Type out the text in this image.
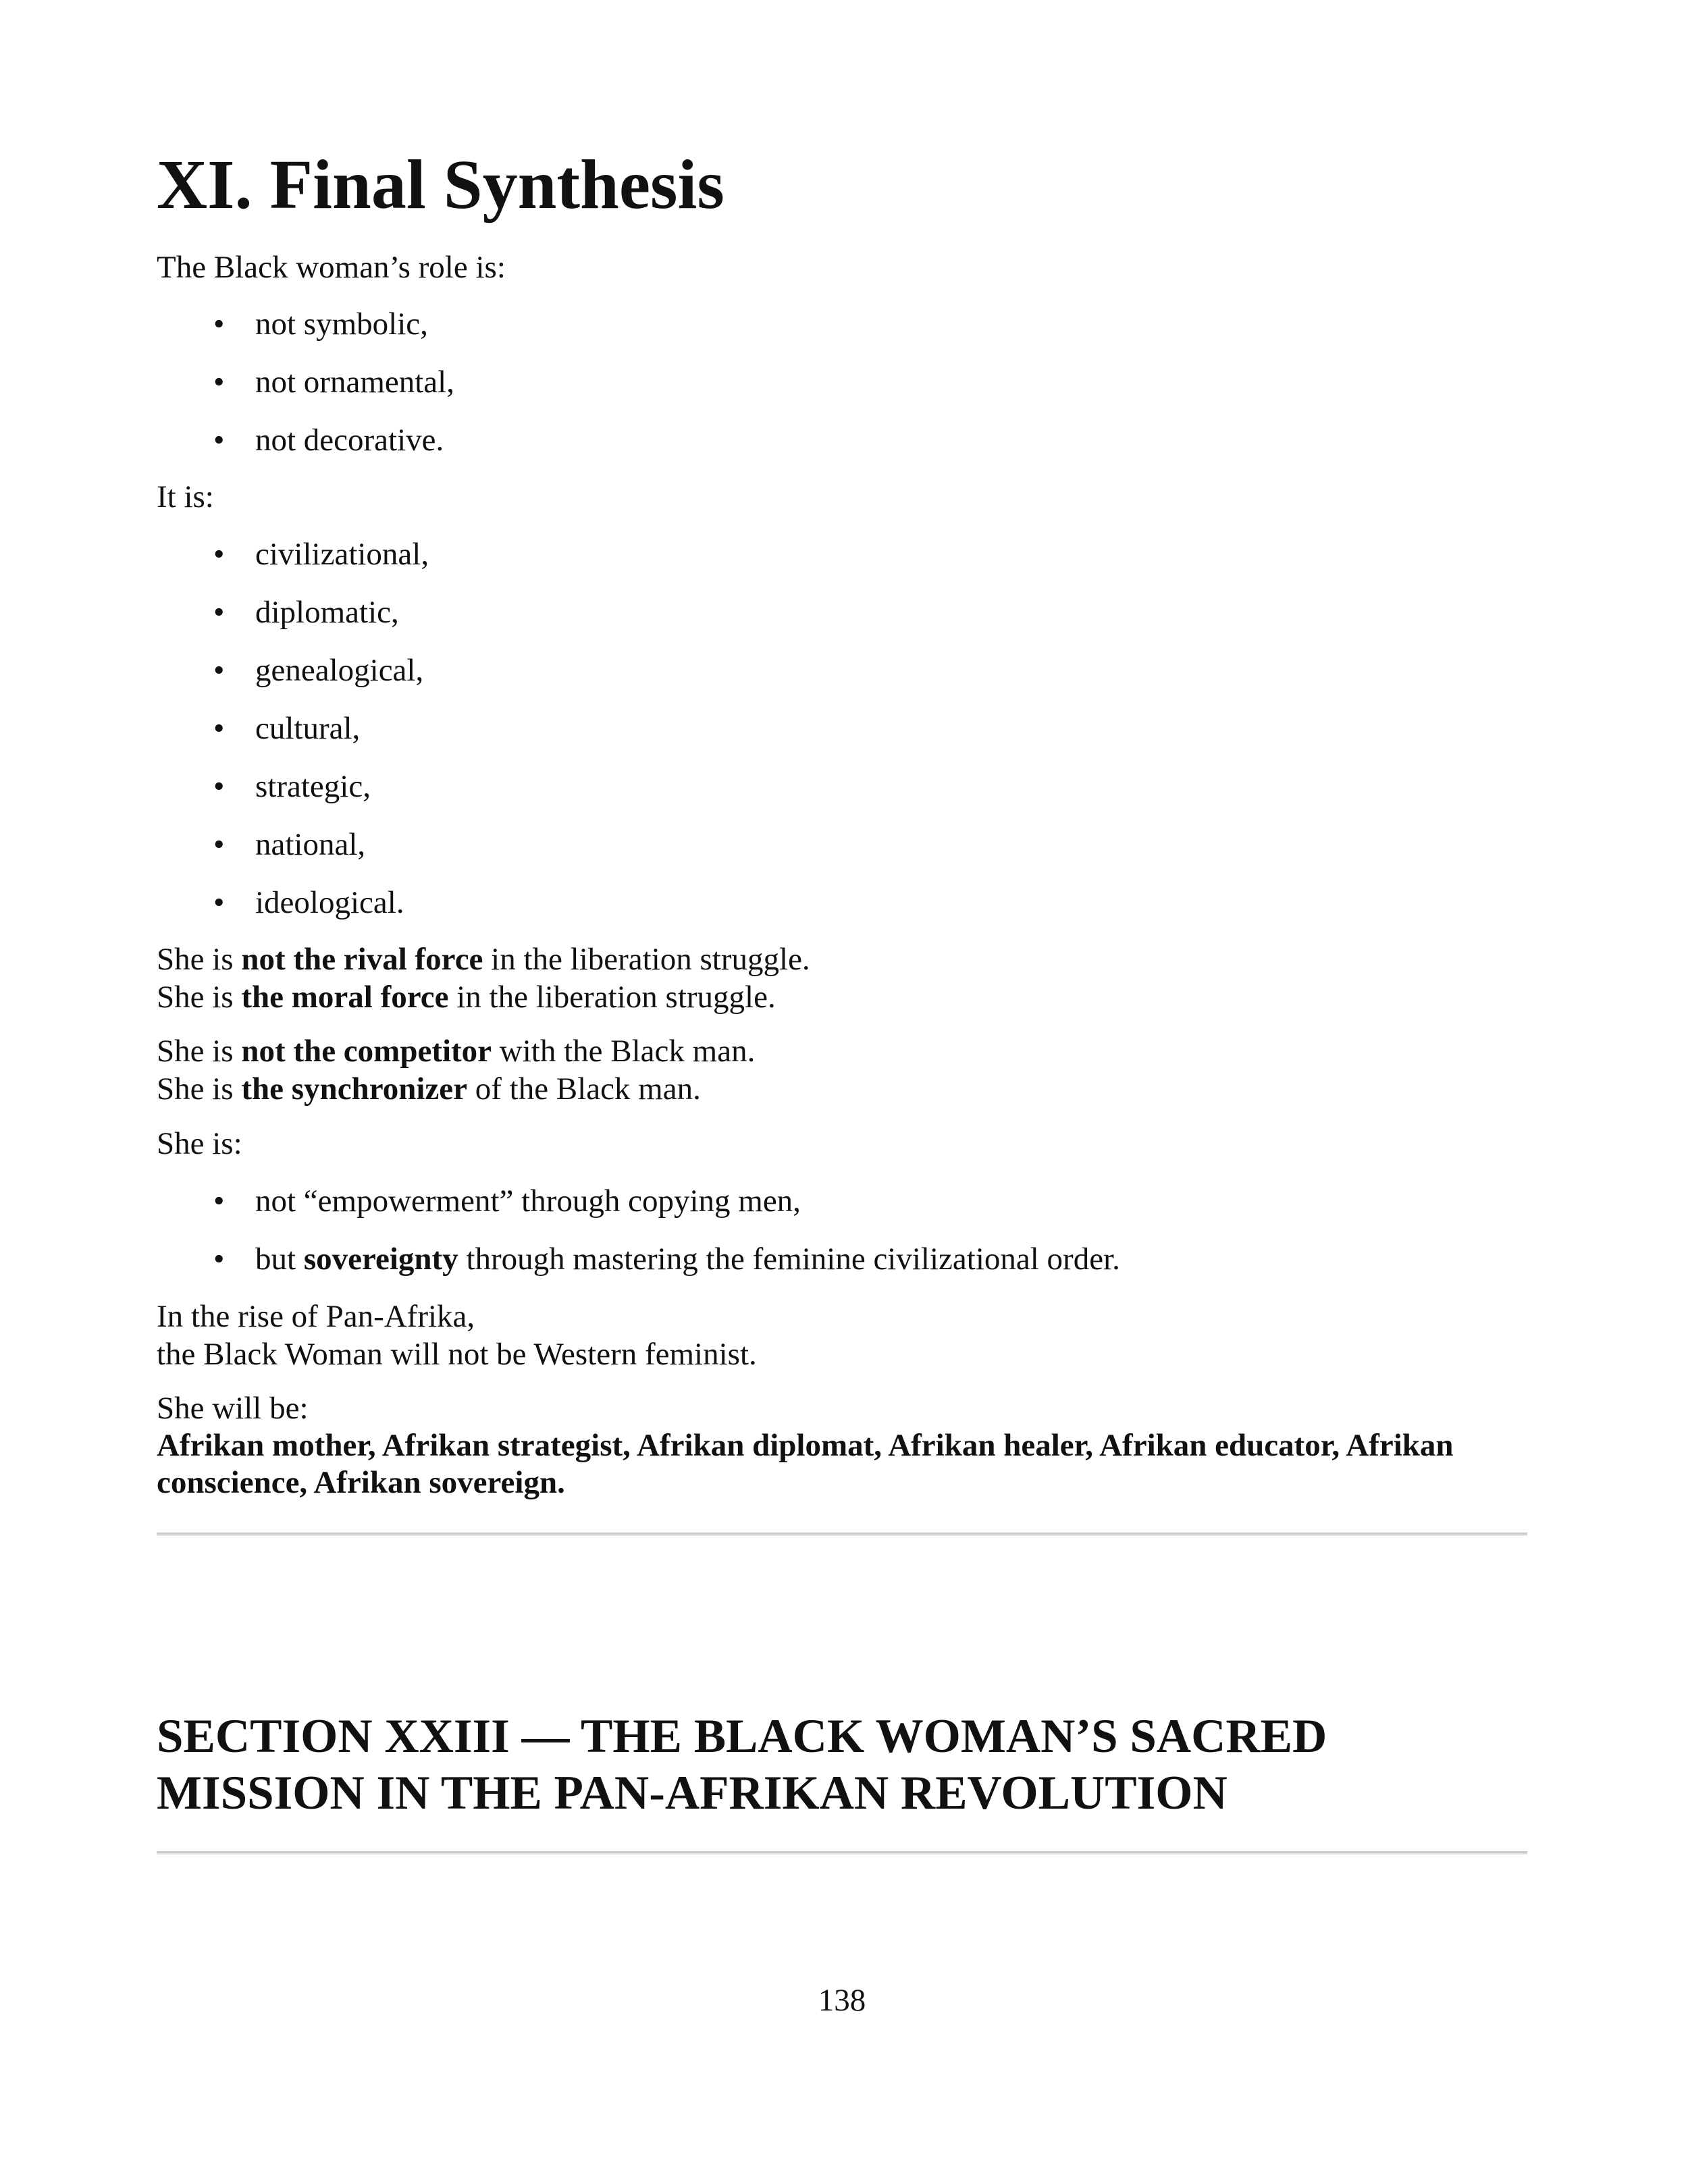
XI. Final Synthesis

The Black woman’s role is:

• not symbolic,

• not ornamental,

• not decorative.

It is:

• civilizational,

• diplomatic,

• genealogical,

• cultural,

• strategic,

• national,

• ideological.

She is not the rival force in the liberation struggle.

She is the moral force in the liberation struggle.

She is not the competitor with the Black man.

She is the synchronizer of the Black man.

She is:

• not “empowerment” through copying men,

• but sovereignty through mastering the feminine civilizational order.

In the rise of Pan-Afrika,

the Black Woman will not be Western feminist.

She will be:

Afrikan mother, Afrikan strategist, Afrikan diplomat, Afrikan healer, Afrikan educator, Afrikan

conscience, Afrikan sovereign.

SECTION XXIII — THE BLACK WOMAN’S SACRED
MISSION IN THE PAN-AFRIKAN REVOLUTION
138
